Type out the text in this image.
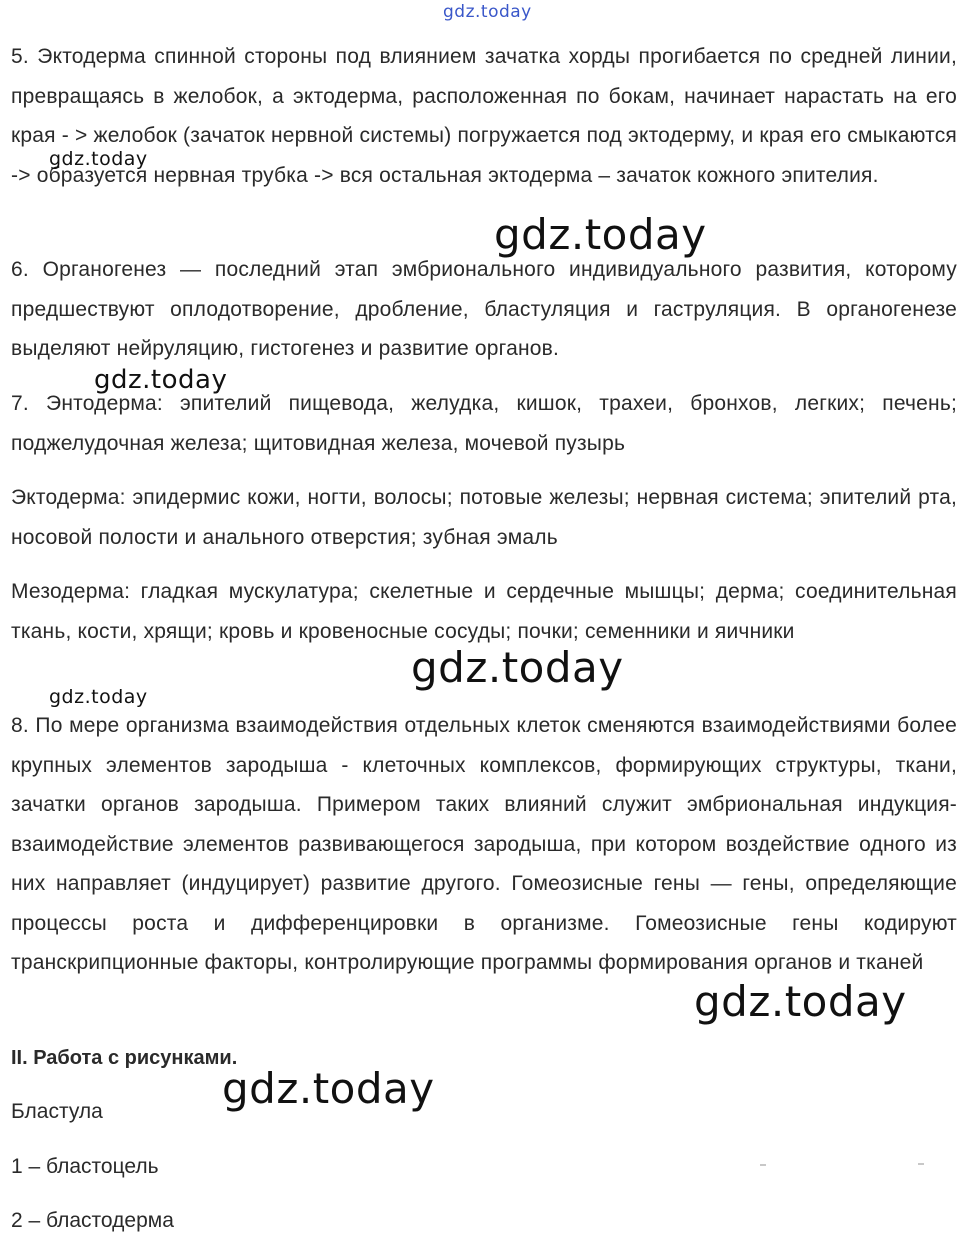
gdz.today

5. Эктодерма спинной стороны под влиянием зачатка хорды прогибается по средней линии, превращаясь в желобок, а эктодерма, расположенная по бокам, начинает нарастать на его края - > желобок (зачаток нервной системы) погружается под эктодерму, и края его смыкаются -> образуется нервная трубка -> вся остальная эктодерма – зачаток кожного эпителия.

6. Органогенез — последний этап эмбрионального индивидуального развития, которому предшествуют оплодотворение, дробление, бластуляция и гаструляция. В органогенезе выделяют нейруляцию, гистогенез и развитие органов.

7. Энтодерма: эпителий пищевода, желудка, кишок, трахеи, бронхов, легких; печень; поджелудочная железа; щитовидная железа, мочевой пузырь

Эктодерма: эпидермис кожи, ногти, волосы; потовые железы; нервная система; эпителий рта, носовой полости и анального отверстия; зубная эмаль

Мезодерма: гладкая мускулатура; скелетные и сердечные мышцы; дерма; соединительная ткань, кости, хрящи; кровь и кровеносные сосуды; почки; семенники и яичники

8. По мере организма взаимодействия отдельных клеток сменяются взаимодействиями более крупных элементов зародыша - клеточных комплексов, формирующих структуры, ткани, зачатки органов зародыша. Примером таких влияний служит эмбриональная индукция- взаимодействие элементов развивающегося зародыша, при котором воздействие одного из них направляет (индуцирует) развитие другого. Гомеозисные гены — гены, определяющие процессы роста и дифференцировки в организме. Гомеозисные гены кодируют транскрипционные факторы, контролирующие программы формирования органов и тканей

II. Работа с рисунками.

Бластула

1 – бластоцель

2 – бластодерма

gdz.today
gdz.today
gdz.today
gdz.today
gdz.today
gdz.today
gdz.today
